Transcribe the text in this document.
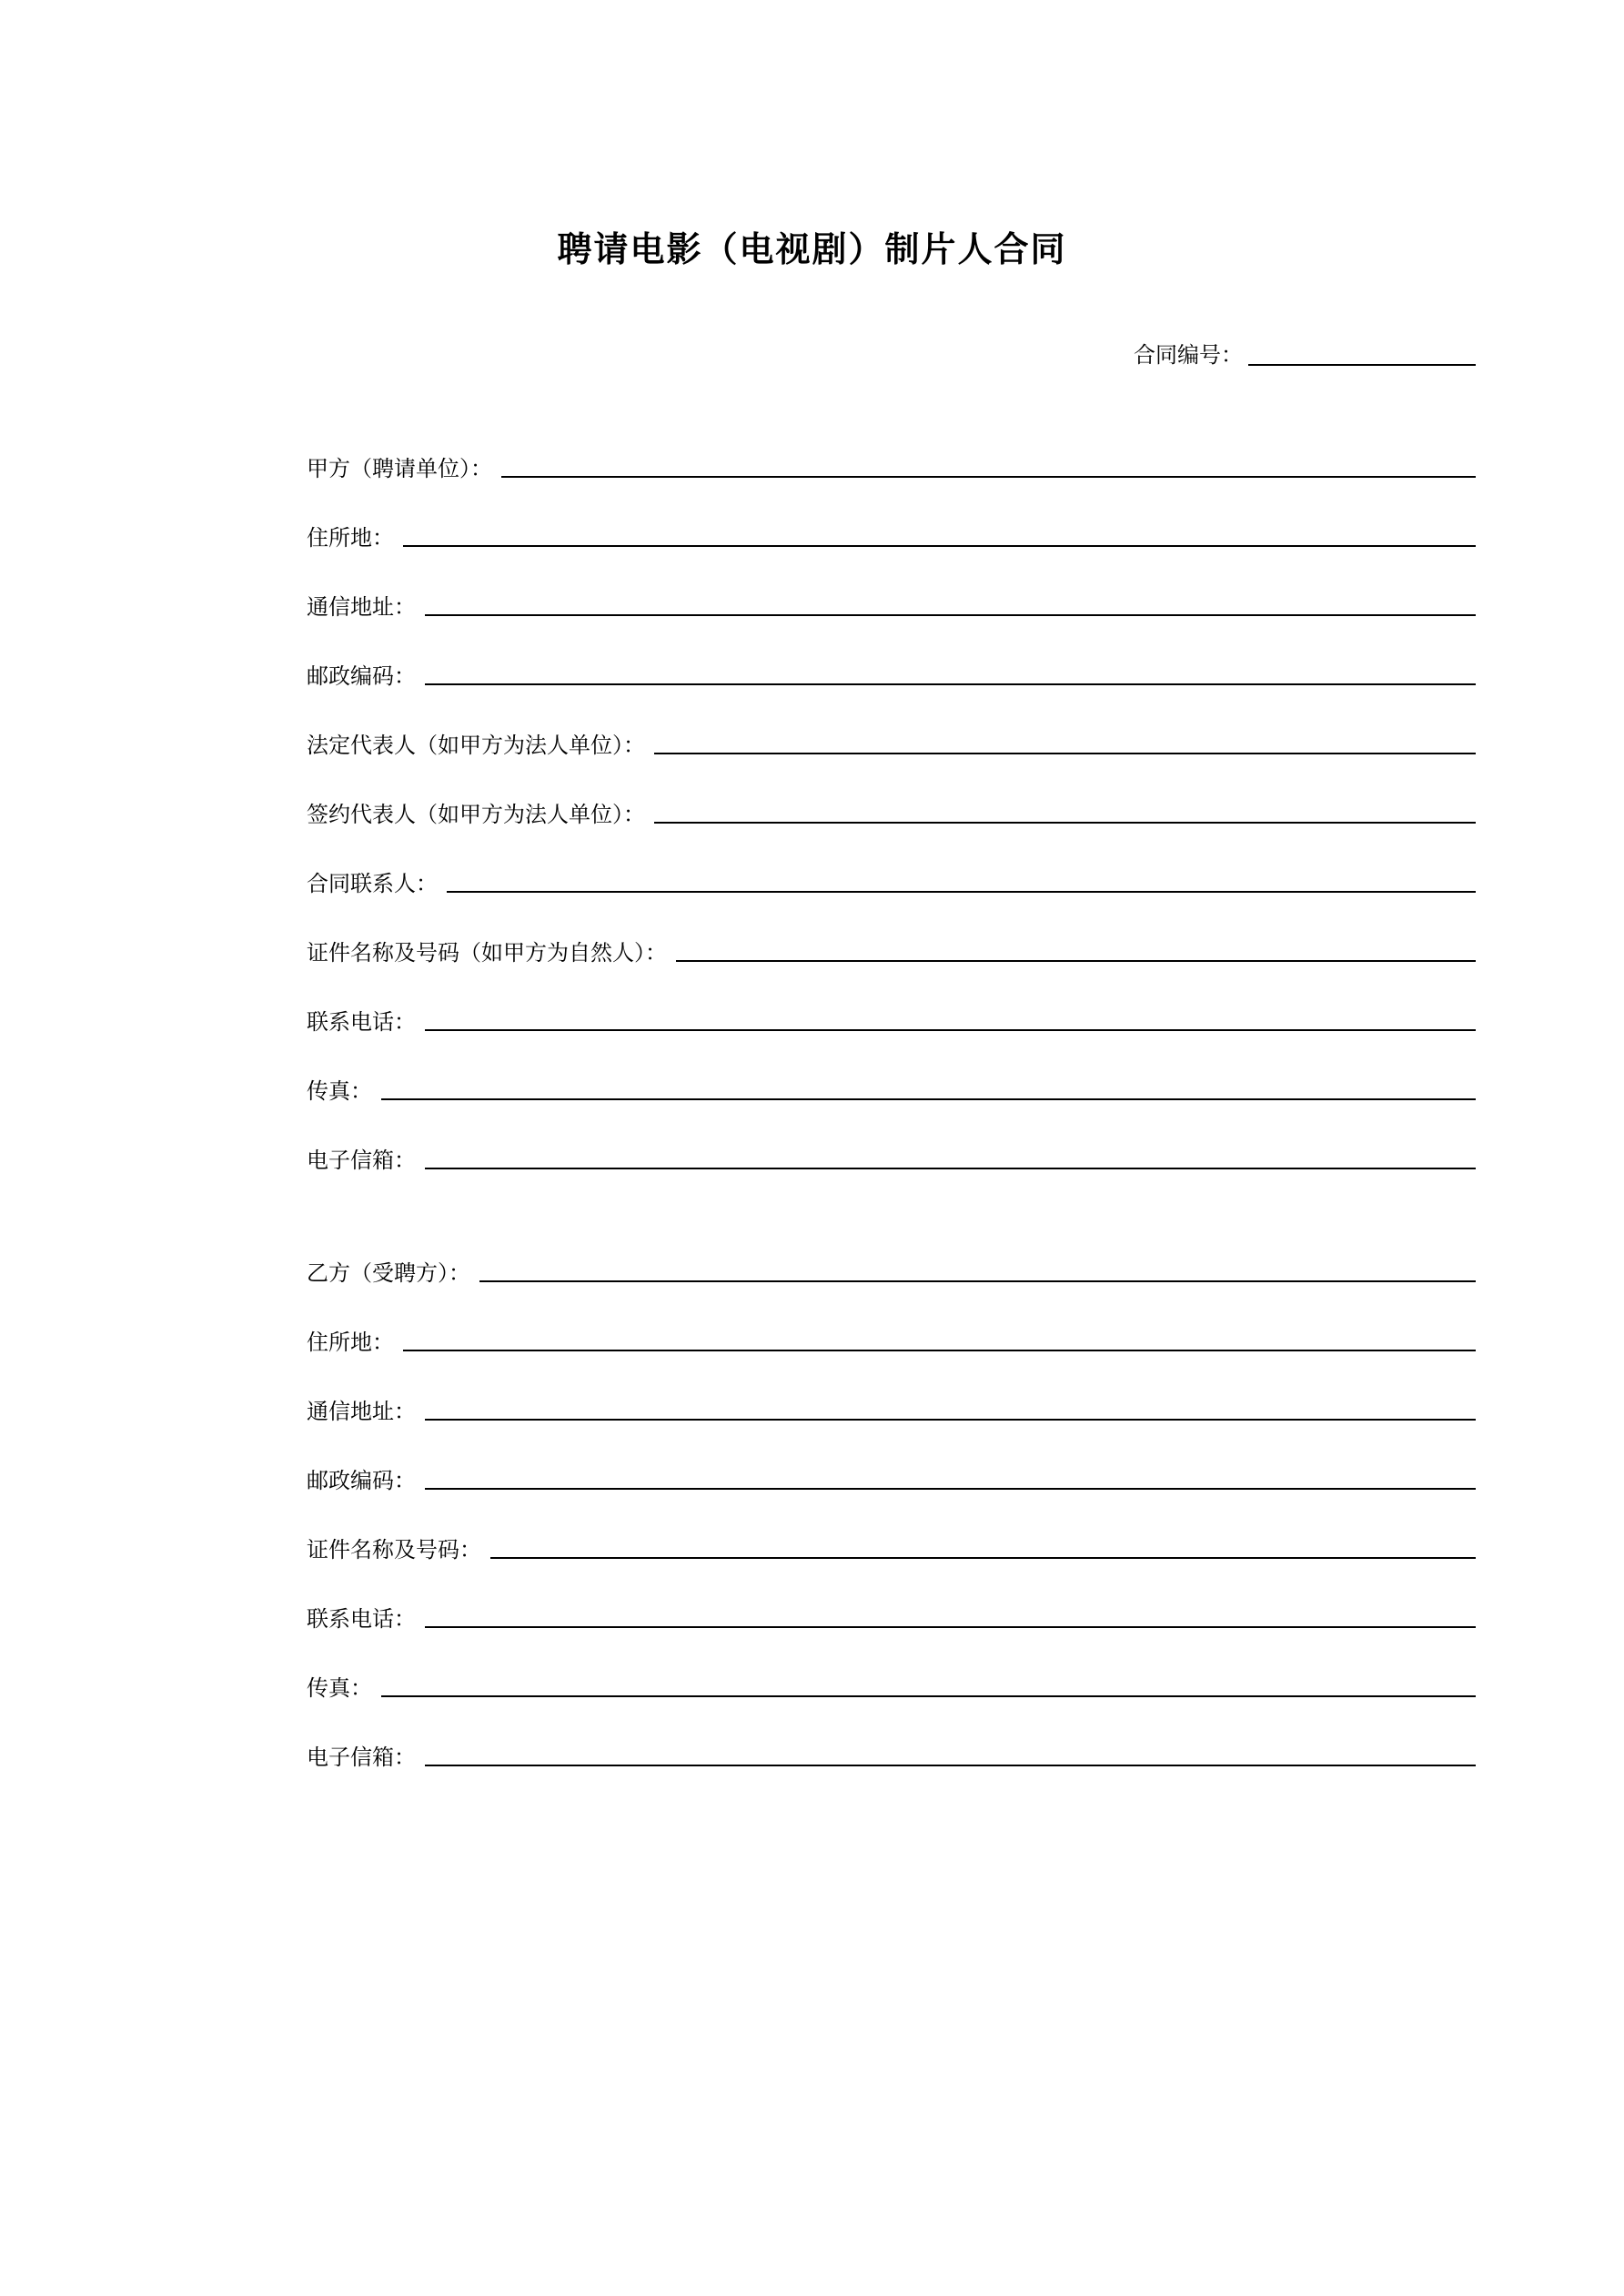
聘请电影（电视剧）制片人合同
合同编号：
甲方（聘请单位）：
住所地：
通信地址：
邮政编码：
法定代表人（如甲方为法人单位）：
签约代表人（如甲方为法人单位）：
合同联系人：
证件名称及号码（如甲方为自然人）：
联系电话：
传真：
电子信箱：
乙方（受聘方）：
住所地：
通信地址：
邮政编码：
证件名称及号码：
联系电话：
传真：
电子信箱：
